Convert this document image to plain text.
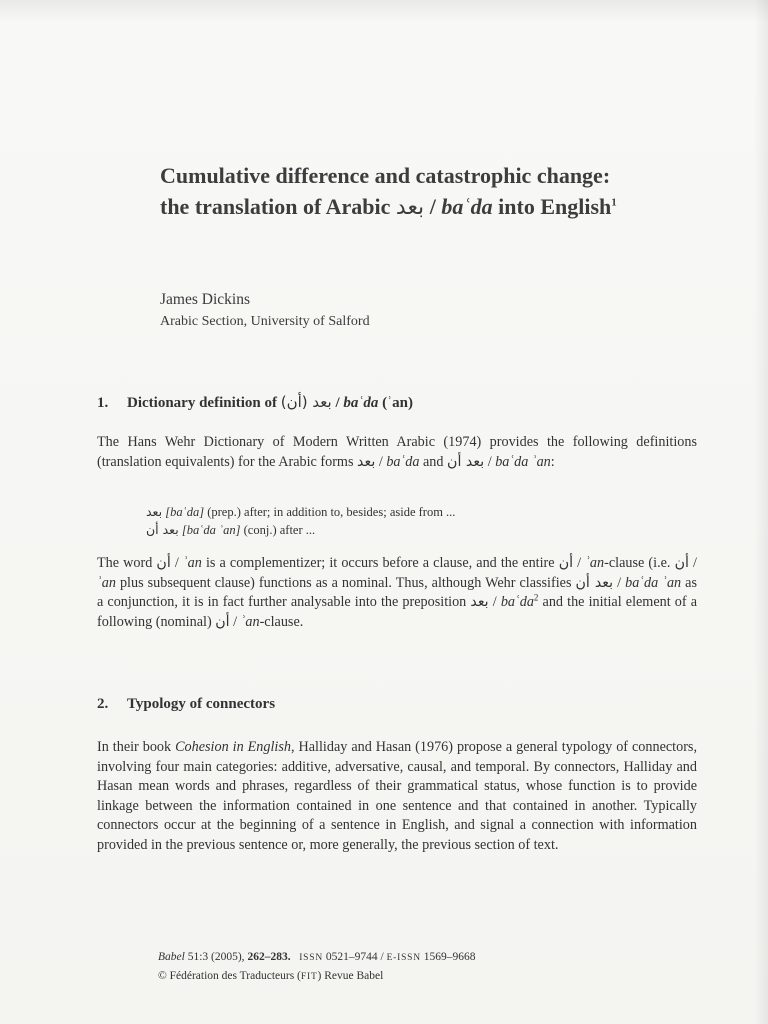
Cumulative difference and catastrophic change: the translation of Arabic بعد / baʿda into English$^1$
James Dickins
Arabic Section, University of Salford
1. Dictionary definition of بعد (أن) / baʿda (ʾan)

The Hans Wehr Dictionary of Modern Written Arabic (1974) provides the following definitions (translation equivalents) for the Arabic forms بعد / baʿda and بعد أن / baʿda ʾan:

بعد [baʿda] (prep.) after; in addition to, besides; aside from ...
بعد أن [baʿda ʾan] (conj.) after ...

The word أن / ʾan is a complementizer; it occurs before a clause, and the entire أن / ʾan-clause (i.e. أن / ʾan plus subsequent clause) functions as a nominal. Thus, although Wehr classifies بعد أن / baʿda ʾan as a conjunction, it is in fact further analysable into the preposition بعد / baʿda$^2$ and the initial element of a following (nominal) أن / ʾan-clause.

2. Typology of connectors

In their book Cohesion in English, Halliday and Hasan (1976) propose a general typology of connectors, involving four main categories: additive, adversative, causal, and temporal. By connectors, Halliday and Hasan mean words and phrases, regardless of their grammatical status, whose function is to provide linkage between the information contained in one sentence and that contained in another. Typically connectors occur at the beginning of a sentence in English, and signal a connection with information provided in the previous sentence or, more generally, the previous section of text.

Babel 51:3 (2005), 262–283. ISSN 0521–9744 / E-ISSN 1569–9668
© Fédération des Traducteurs (FIT) Revue Babel
